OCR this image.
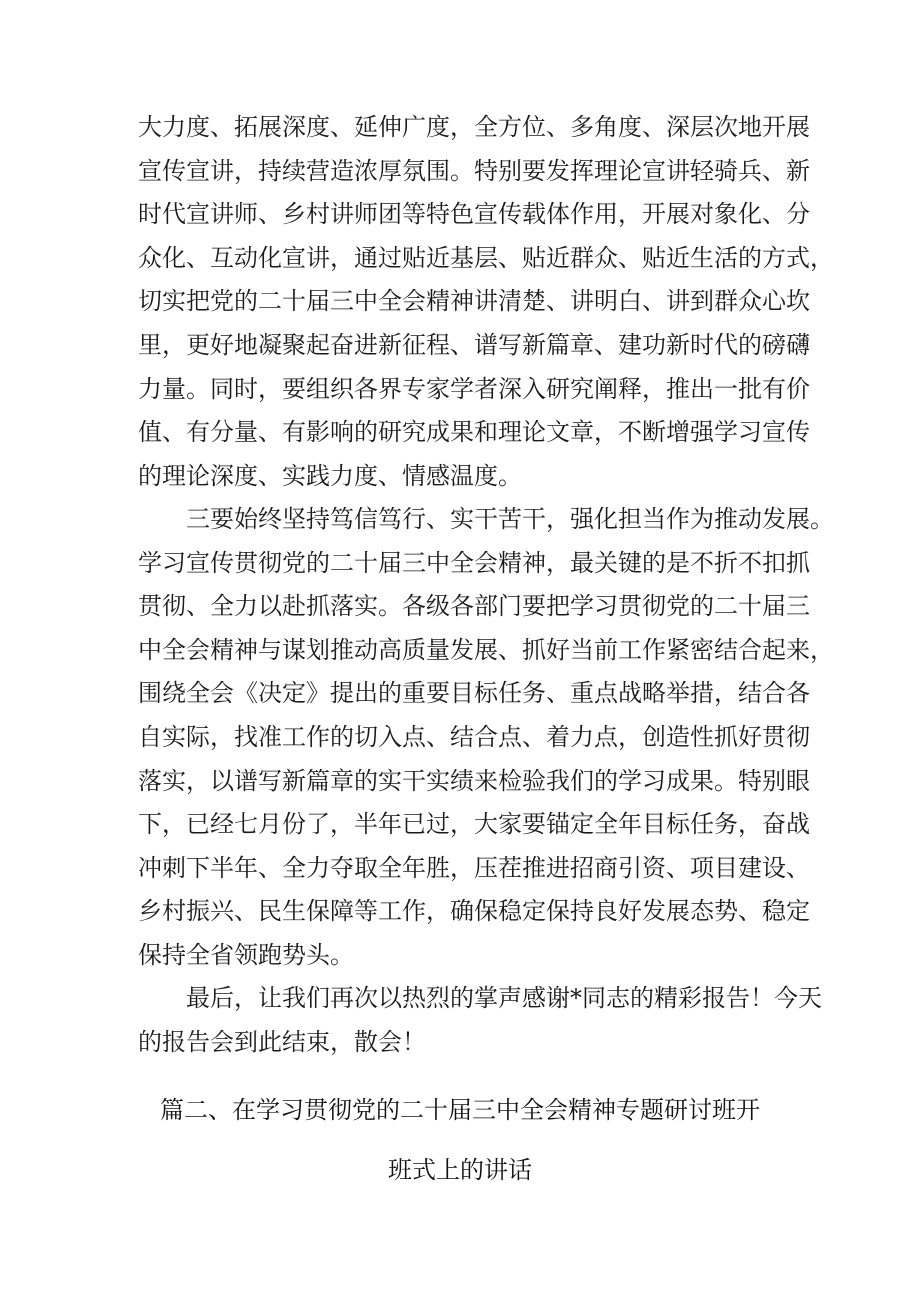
大力度、拓展深度、延伸广度，全方位、多角度、深层次地开展
宣传宣讲，持续营造浓厚氛围。特别要发挥理论宣讲轻骑兵、新
时代宣讲师、乡村讲师团等特色宣传载体作用，开展对象化、分
众化、互动化宣讲，通过贴近基层、贴近群众、贴近生活的方式，
切实把党的二十届三中全会精神讲清楚、讲明白、讲到群众心坎
里，更好地凝聚起奋进新征程、谱写新篇章、建功新时代的磅礴
力量。同时，要组织各界专家学者深入研究阐释，推出一批有价
值、有分量、有影响的研究成果和理论文章，不断增强学习宣传
的理论深度、实践力度、情感温度。
三要始终坚持笃信笃行、实干苦干，强化担当作为推动发展。
学习宣传贯彻党的二十届三中全会精神，最关键的是不折不扣抓
贯彻、全力以赴抓落实。各级各部门要把学习贯彻党的二十届三
中全会精神与谋划推动高质量发展、抓好当前工作紧密结合起来，
围绕全会《决定》提出的重要目标任务、重点战略举措，结合各
自实际，找准工作的切入点、结合点、着力点，创造性抓好贯彻
落实，以谱写新篇章的实干实绩来检验我们的学习成果。特别眼
下，已经七月份了，半年已过，大家要锚定全年目标任务，奋战
冲刺下半年、全力夺取全年胜，压茬推进招商引资、项目建设、
乡村振兴、民生保障等工作，确保稳定保持良好发展态势、稳定
保持全省领跑势头。
最后，让我们再次以热烈的掌声感谢*同志的精彩报告！今天
的报告会到此结束，散会！
篇二、在学习贯彻党的二十届三中全会精神专题研讨班开
班式上的讲话
